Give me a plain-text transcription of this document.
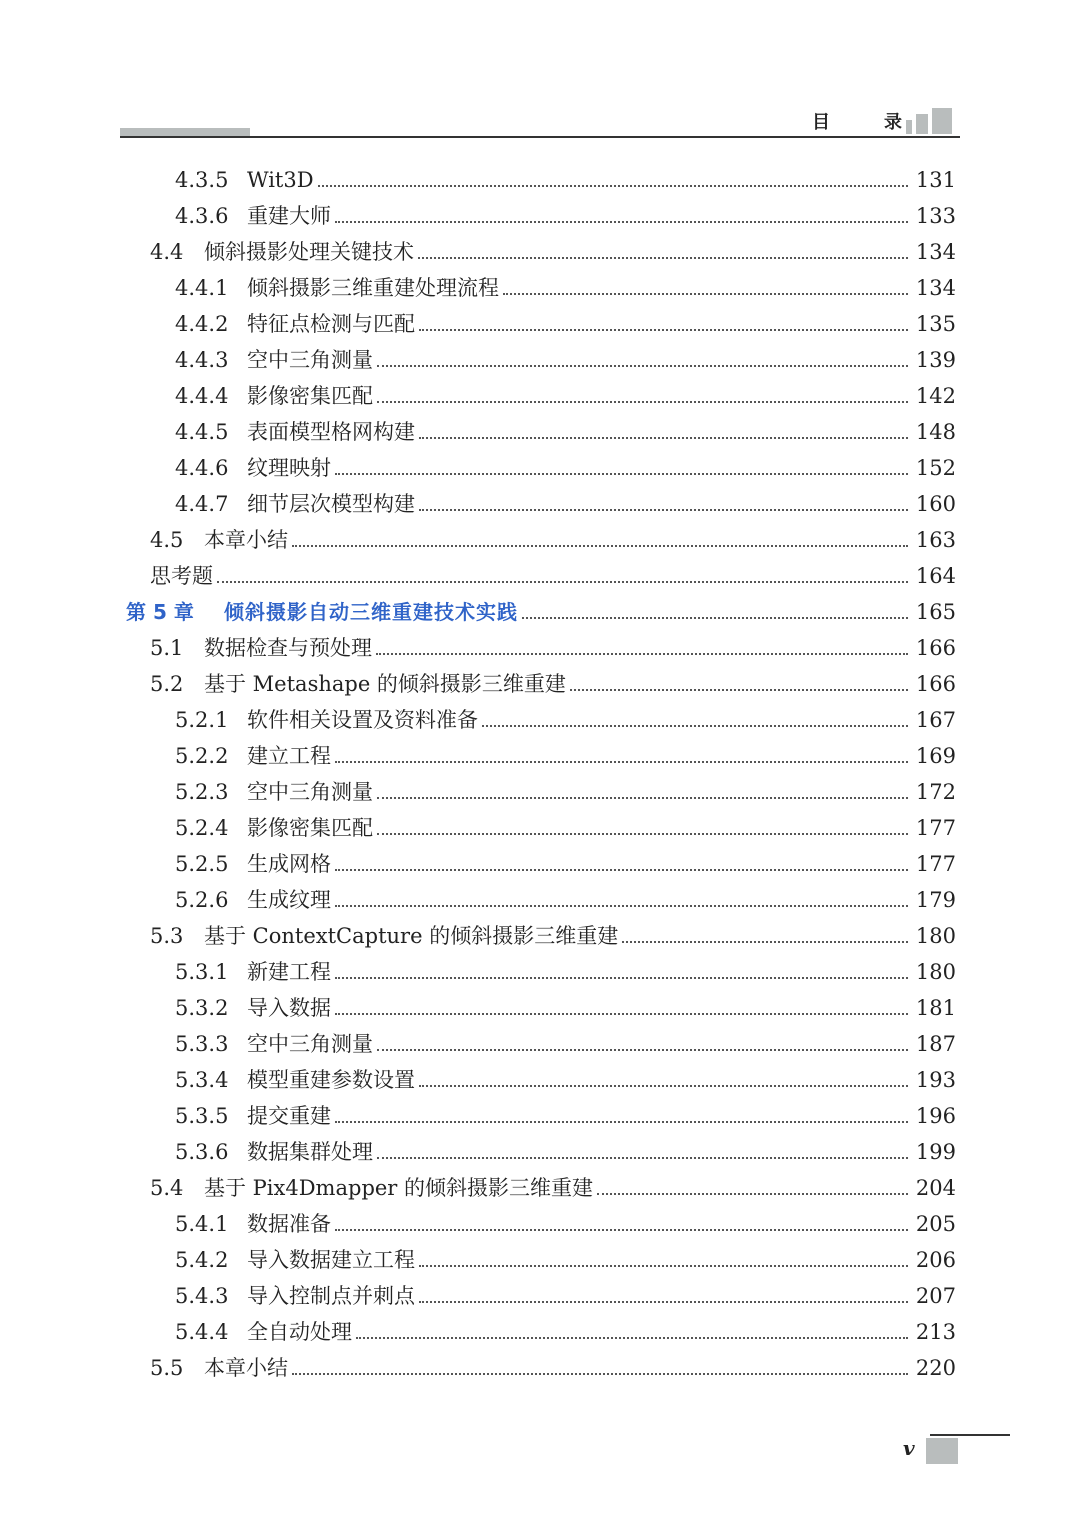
目	录
4.3.5 Wit3D	131
4.3.6 重建大师	133
4.4 倾斜摄影处理关键技术	134
4.4.1 倾斜摄影三维重建处理流程	134
4.4.2 特征点检测与匹配	135
4.4.3 空中三角测量	139
4.4.4 影像密集匹配	142
4.4.5 表面模型格网构建	148
4.4.6 纹理映射	152
4.4.7 细节层次模型构建	160
4.5 本章小结	163
思考题	164
第 5 章	倾斜摄影自动三维重建技术实践	165
5.1 数据检查与预处理	166
5.2 基于 Metashape 的倾斜摄影三维重建	166
5.2.1 软件相关设置及资料准备	167
5.2.2 建立工程	169
5.2.3 空中三角测量	172
5.2.4 影像密集匹配	177
5.2.5 生成网格	177
5.2.6 生成纹理	179
5.3 基于 ContextCapture 的倾斜摄影三维重建	180
5.3.1 新建工程	180
5.3.2 导入数据	181
5.3.3 空中三角测量	187
5.3.4 模型重建参数设置	193
5.3.5 提交重建	196
5.3.6 数据集群处理	199
5.4 基于 Pix4Dmapper 的倾斜摄影三维重建	204
5.4.1 数据准备	205
5.4.2 导入数据建立工程	206
5.4.3 导入控制点并刺点	207
5.4.4 全自动处理	213
5.5 本章小结	220
v
